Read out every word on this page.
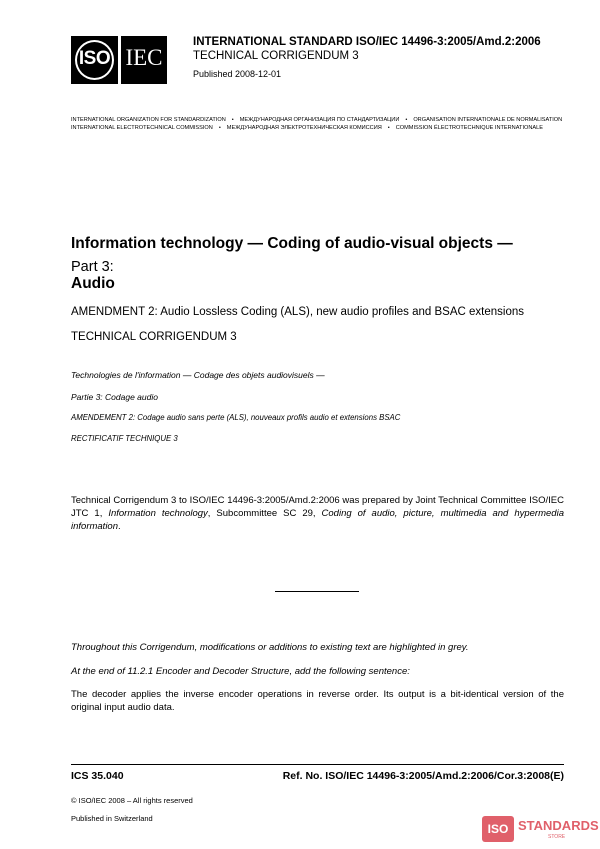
ISO IEC
INTERNATIONAL STANDARD ISO/IEC 14496-3:2005/Amd.2:2006
TECHNICAL CORRIGENDUM 3
Published 2008-12-01
INTERNATIONAL ORGANIZATION FOR STANDARDIZATION • МЕЖДУНАРОДНАЯ ОРГАНИЗАЦИЯ ПО СТАНДАРТИЗАЦИИ • ORGANISATION INTERNATIONALE DE NORMALISATION
INTERNATIONAL ELECTROTECHNICAL COMMISSION • МЕЖДУНАРОДНАЯ ЭЛЕКТРОТЕХНИЧЕСКАЯ КОМИССИЯ • COMMISSION ÉLECTROTECHNIQUE INTERNATIONALE
Information technology — Coding of audio-visual objects —
Part 3:
Audio
AMENDMENT 2: Audio Lossless Coding (ALS), new audio profiles and BSAC extensions
TECHNICAL CORRIGENDUM 3
Technologies de l'information — Codage des objets audiovisuels —
Partie 3: Codage audio
AMENDEMENT 2: Codage audio sans perte (ALS), nouveaux profils audio et extensions BSAC
RECTIFICATIF TECHNIQUE 3
Technical Corrigendum 3 to ISO/IEC 14496-3:2005/Amd.2:2006 was prepared by Joint Technical Committee ISO/IEC JTC 1, Information technology, Subcommittee SC 29, Coding of audio, picture, multimedia and hypermedia information.
Throughout this Corrigendum, modifications or additions to existing text are highlighted in grey.
At the end of 11.2.1 Encoder and Decoder Structure, add the following sentence:
The decoder applies the inverse encoder operations in reverse order. Its output is a bit-identical version of the original input audio data.
ICS 35.040	Ref. No. ISO/IEC 14496-3:2005/Amd.2:2006/Cor.3:2008(E)
© ISO/IEC 2008 – All rights reserved
Published in Switzerland
ISO STANDARDS
STORE
